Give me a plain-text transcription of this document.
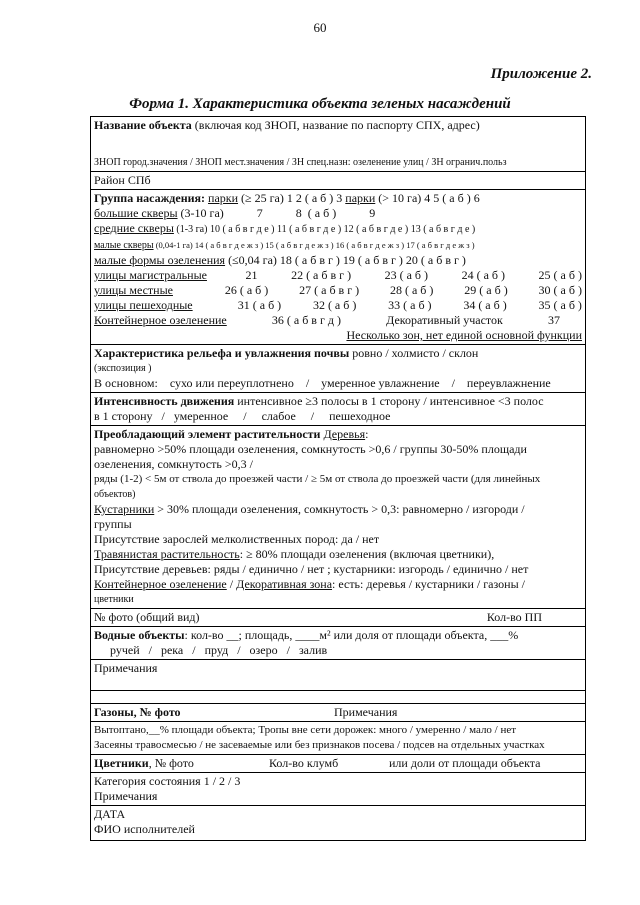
60
Приложение 2.
Форма 1. Характеристика объекта зеленых насаждений
Название объекта (включая код ЗНОП, название по паспорту СПХ, адрес)
ЗНОП город.значения / ЗНОП мест.значения / ЗН спец.назн: озеленение улиц / ЗН огранич.польз
Район СПб
Группа насаждения: парки (≥ 25 га) 1 2 ( а б ) 3 парки (> 10 га) 4 5 ( а б ) 6
большие скверы (3-10 га)           7           8  ( а б )           9
средние скверы (1-3 га) 10 ( а б в г д е ) 11 ( а б в г д е ) 12 ( а б в г д е ) 13 ( а б в г д е )
малые скверы (0,04-1 га) 14 ( а б в г д е ж з ) 15 ( а б в г д е ж з ) 16 ( а б в г д е ж з ) 17 ( а б в г д е ж з )
малые формы озеленения (≤0,04 га) 18 ( а б в г ) 19 ( а б в г ) 20 ( а б в г )
улицы магистральные	21	22 ( а б в г )	23 ( а б )	24 ( а б )	25 ( а б )
улицы местные	26 ( а б )	27 ( а б в г )	28 ( а б )	29 ( а б )	30 ( а б )
улицы пешеходные	31 ( а б )	32 ( а б )	33 ( а б )	34 ( а б )	35 ( а б )
Контейнерное озеленение	36 ( а б в г д )	Декоративный участок	37
Несколько зон, нет единой основной функции
Характеристика рельефа и увлажнения почвы ровно / холмисто / склон
(экспозиция )
В основном:    сухо или переуплотнено    /    умеренное увлажнение    /    переувлажнение
Интенсивность движения интенсивное ≥3 полосы в 1 сторону / интенсивное <3 полос
в 1 сторону   /   умеренное     /     слабое     /     пешеходное
Преобладающий элемент растительности Деревья:
равномерно >50% площади озеленения, сомкнутость >0,6 / группы 30-50% площади
озеленения, сомкнутость >0,3 /
ряды (1-2) < 5м от ствола до проезжей части / ≥ 5м от ствола до проезжей части (для линейных
объектов)
Кустарники > 30% площади озеленения, сомкнутость > 0,3: равномерно / изгороди /
группы
Присутствие зарослей мелколиственных пород: да / нет
Травянистая растительность: ≥ 80% площади озеленения (включая цветники),
Присутствие деревьев: ряды / единично / нет ; кустарники: изгородь / единично / нет
Контейнерное озеленение / Декоративная зона: есть: деревья / кустарники / газоны /
цветники
№ фото (общий вид)	Кол-во ПП
Водные объекты: кол-во __; площадь, ____м² или доля от площади объекта, ___%
ручей   /   река   /   пруд   /   озеро   /   залив
Примечания
Газоны, № фото	Примечания
Вытоптано,__% площади объекта; Тропы вне сети дорожек: много / умеренно / мало / нет
Засеяны травосмесью / не засеваемые или без признаков посева / подсев на отдельных участках
Цветники, № фото	Кол-во клумб	или доли от площади объекта
Категория состояния 1 / 2 / 3
Примечания
ДАТА
ФИО исполнителей
